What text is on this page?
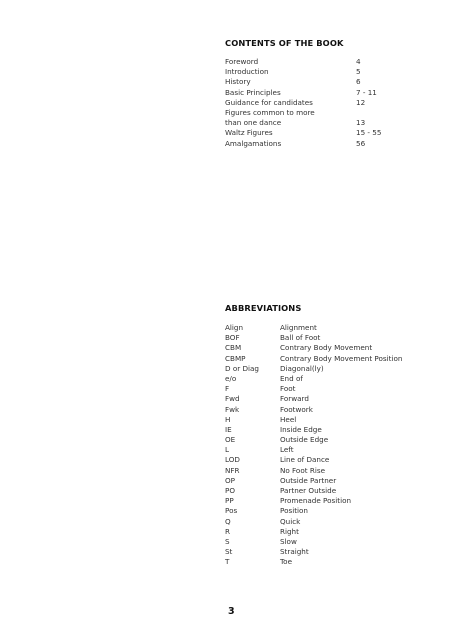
CONTENTS OF THE BOOK
Foreword	4
Introduction	5
History	6
Basic Principles	7 - 11
Guidance for candidates	12
Figures common to more
than one dance	13
Waltz Figures	15 - 55
Amalgamations	56
ABBREVIATIONS
Align	Alignment
BOF	Ball of Foot
CBM	Contrary Body Movement
CBMP	Contrary Body Movement Position
D or Diag	Diagonal(ly)
e/o	End of
F	Foot
Fwd	Forward
Fwk	Footwork
H	Heel
IE	Inside Edge
OE	Outside Edge
L	Left
LOD	Line of Dance
NFR	No Foot Rise
OP	Outside Partner
PO	Partner Outside
PP	Promenade Position
Pos	Position
Q	Quick
R	Right
S	Slow
St	Straight
T	Toe
3
